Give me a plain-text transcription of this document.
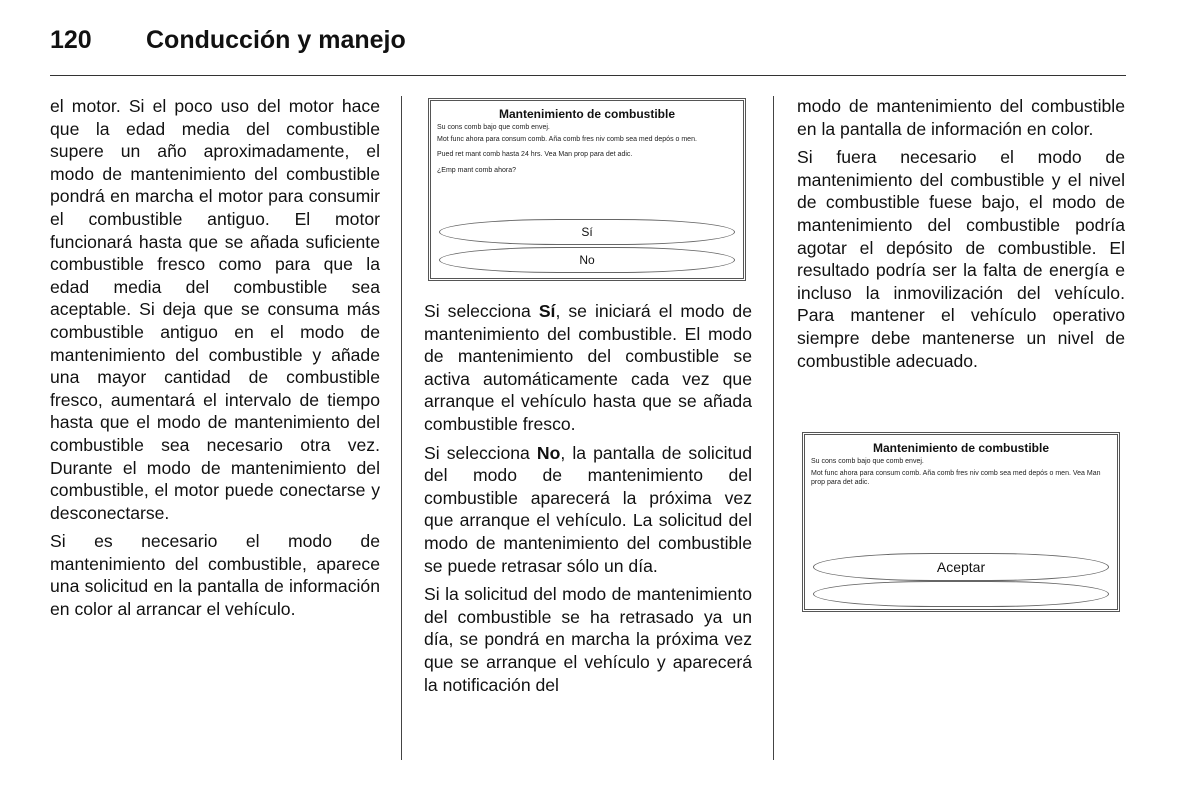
120	Conducción y manejo

el motor. Si el poco uso del motor hace que la edad media del combustible supere un año aproximadamente, el modo de mantenimiento del combustible pondrá en marcha el motor para consumir el combustible antiguo. El motor funcionará hasta que se añada suficiente combustible fresco como para que la edad media del combustible sea aceptable. Si deja que se consuma más combustible antiguo en el modo de mantenimiento del combustible y añade una mayor cantidad de combustible fresco, aumentará el intervalo de tiempo hasta que el modo de mantenimiento del combustible sea necesario otra vez. Durante el modo de mantenimiento del combustible, el motor puede conectarse y desconectarse.

Si es necesario el modo de mantenimiento del combustible, aparece una solicitud en la pantalla de información en color al arrancar el vehículo.

Mantenimiento de combustible
Su cons comb bajo que comb envej.
Mot func ahora para consum comb. Aña comb fres niv comb sea med depós o men.
Pued ret mant comb hasta 24 hrs. Vea Man prop para det adic.
¿Emp mant comb ahora?
Sí
No

Si selecciona Sí, se iniciará el modo de mantenimiento del combustible. El modo de mantenimiento del combustible se activa automáticamente cada vez que arranque el vehículo hasta que se añada combustible fresco.

Si selecciona No, la pantalla de solicitud del modo de mantenimiento del combustible aparecerá la próxima vez que arranque el vehículo. La solicitud del modo de mantenimiento del combustible se puede retrasar sólo un día.

Si la solicitud del modo de mantenimiento del combustible se ha retrasado ya un día, se pondrá en marcha la próxima vez que se arranque el vehículo y aparecerá la notificación del

modo de mantenimiento del combustible en la pantalla de información en color.

Si fuera necesario el modo de mantenimiento del combustible y el nivel de combustible fuese bajo, el modo de mantenimiento del combustible podría agotar el depósito de combustible. El resultado podría ser la falta de energía e incluso la inmovilización del vehículo. Para mantener el vehículo operativo siempre debe mantenerse un nivel de combustible adecuado.

Mantenimiento de combustible
Su cons comb bajo que comb envej.
Mot func ahora para consum comb. Aña comb fres niv comb sea med depós o men. Vea Man prop para det adic.
Aceptar
